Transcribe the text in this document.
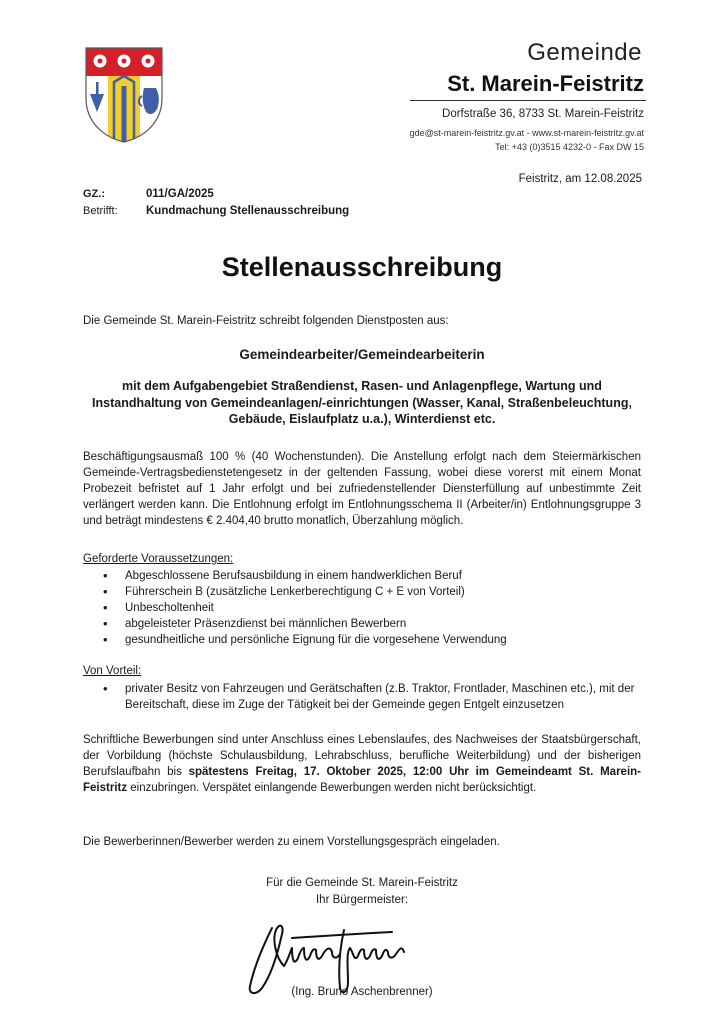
Gemeinde
St. Marein-Feistritz
Dorfstraße 36, 8733 St. Marein-Feistritz
gde@st-marein-feistritz.gv.at - www.st-marein-feistritz.gv.at
Tel: +43 (0)3515 4232-0 - Fax DW 15
Feistritz, am 12.08.2025
GZ.:	011/GA/2025
Betrifft: Kundmachung Stellenausschreibung
Stellenausschreibung
Die Gemeinde St. Marein-Feistritz schreibt folgenden Dienstposten aus:
Gemeindearbeiter/Gemeindearbeiterin
mit dem Aufgabengebiet Straßendienst, Rasen- und Anlagenpflege, Wartung und
Instandhaltung von Gemeindeanlagen/-einrichtungen (Wasser, Kanal, Straßenbeleuchtung,
Gebäude, Eislaufplatz u.a.), Winterdienst etc.
Beschäftigungsausmaß 100 % (40 Wochenstunden). Die Anstellung erfolgt nach dem Steiermärkischen Gemeinde-Vertragsbedienstetengesetz in der geltenden Fassung, wobei diese vorerst mit einem Monat Probezeit befristet auf 1 Jahr erfolgt und bei zufriedenstellender Diensterfüllung auf unbestimmte Zeit verlängert werden kann. Die Entlohnung erfolgt im Entlohnungsschema II (Arbeiter/in) Entlohnungsgruppe 3 und beträgt mindestens € 2.404,40 brutto monatlich, Überzahlung möglich.
Geforderte Voraussetzungen:
• Abgeschlossene Berufsausbildung in einem handwerklichen Beruf
• Führerschein B (zusätzliche Lenkerberechtigung C + E von Vorteil)
• Unbescholtenheit
• abgeleisteter Präsenzdienst bei männlichen Bewerbern
• gesundheitliche und persönliche Eignung für die vorgesehene Verwendung
Von Vorteil:
• privater Besitz von Fahrzeugen und Gerätschaften (z.B. Traktor, Frontlader, Maschinen etc.), mit der Bereitschaft, diese im Zuge der Tätigkeit bei der Gemeinde gegen Entgelt einzusetzen
Schriftliche Bewerbungen sind unter Anschluss eines Lebenslaufes, des Nachweises der Staatsbürgerschaft, der Vorbildung (höchste Schulausbildung, Lehrabschluss, berufliche Weiterbildung) und der bisherigen Berufslaufbahn bis spätestens Freitag, 17. Oktober 2025, 12:00 Uhr im Gemeindeamt St. Marein-Feistritz einzubringen. Verspätet einlangende Bewerbungen werden nicht berücksichtigt.
Die Bewerberinnen/Bewerber werden zu einem Vorstellungsgespräch eingeladen.
Für die Gemeinde St. Marein-Feistritz
Ihr Bürgermeister:
(Ing. Bruno Aschenbrenner)
